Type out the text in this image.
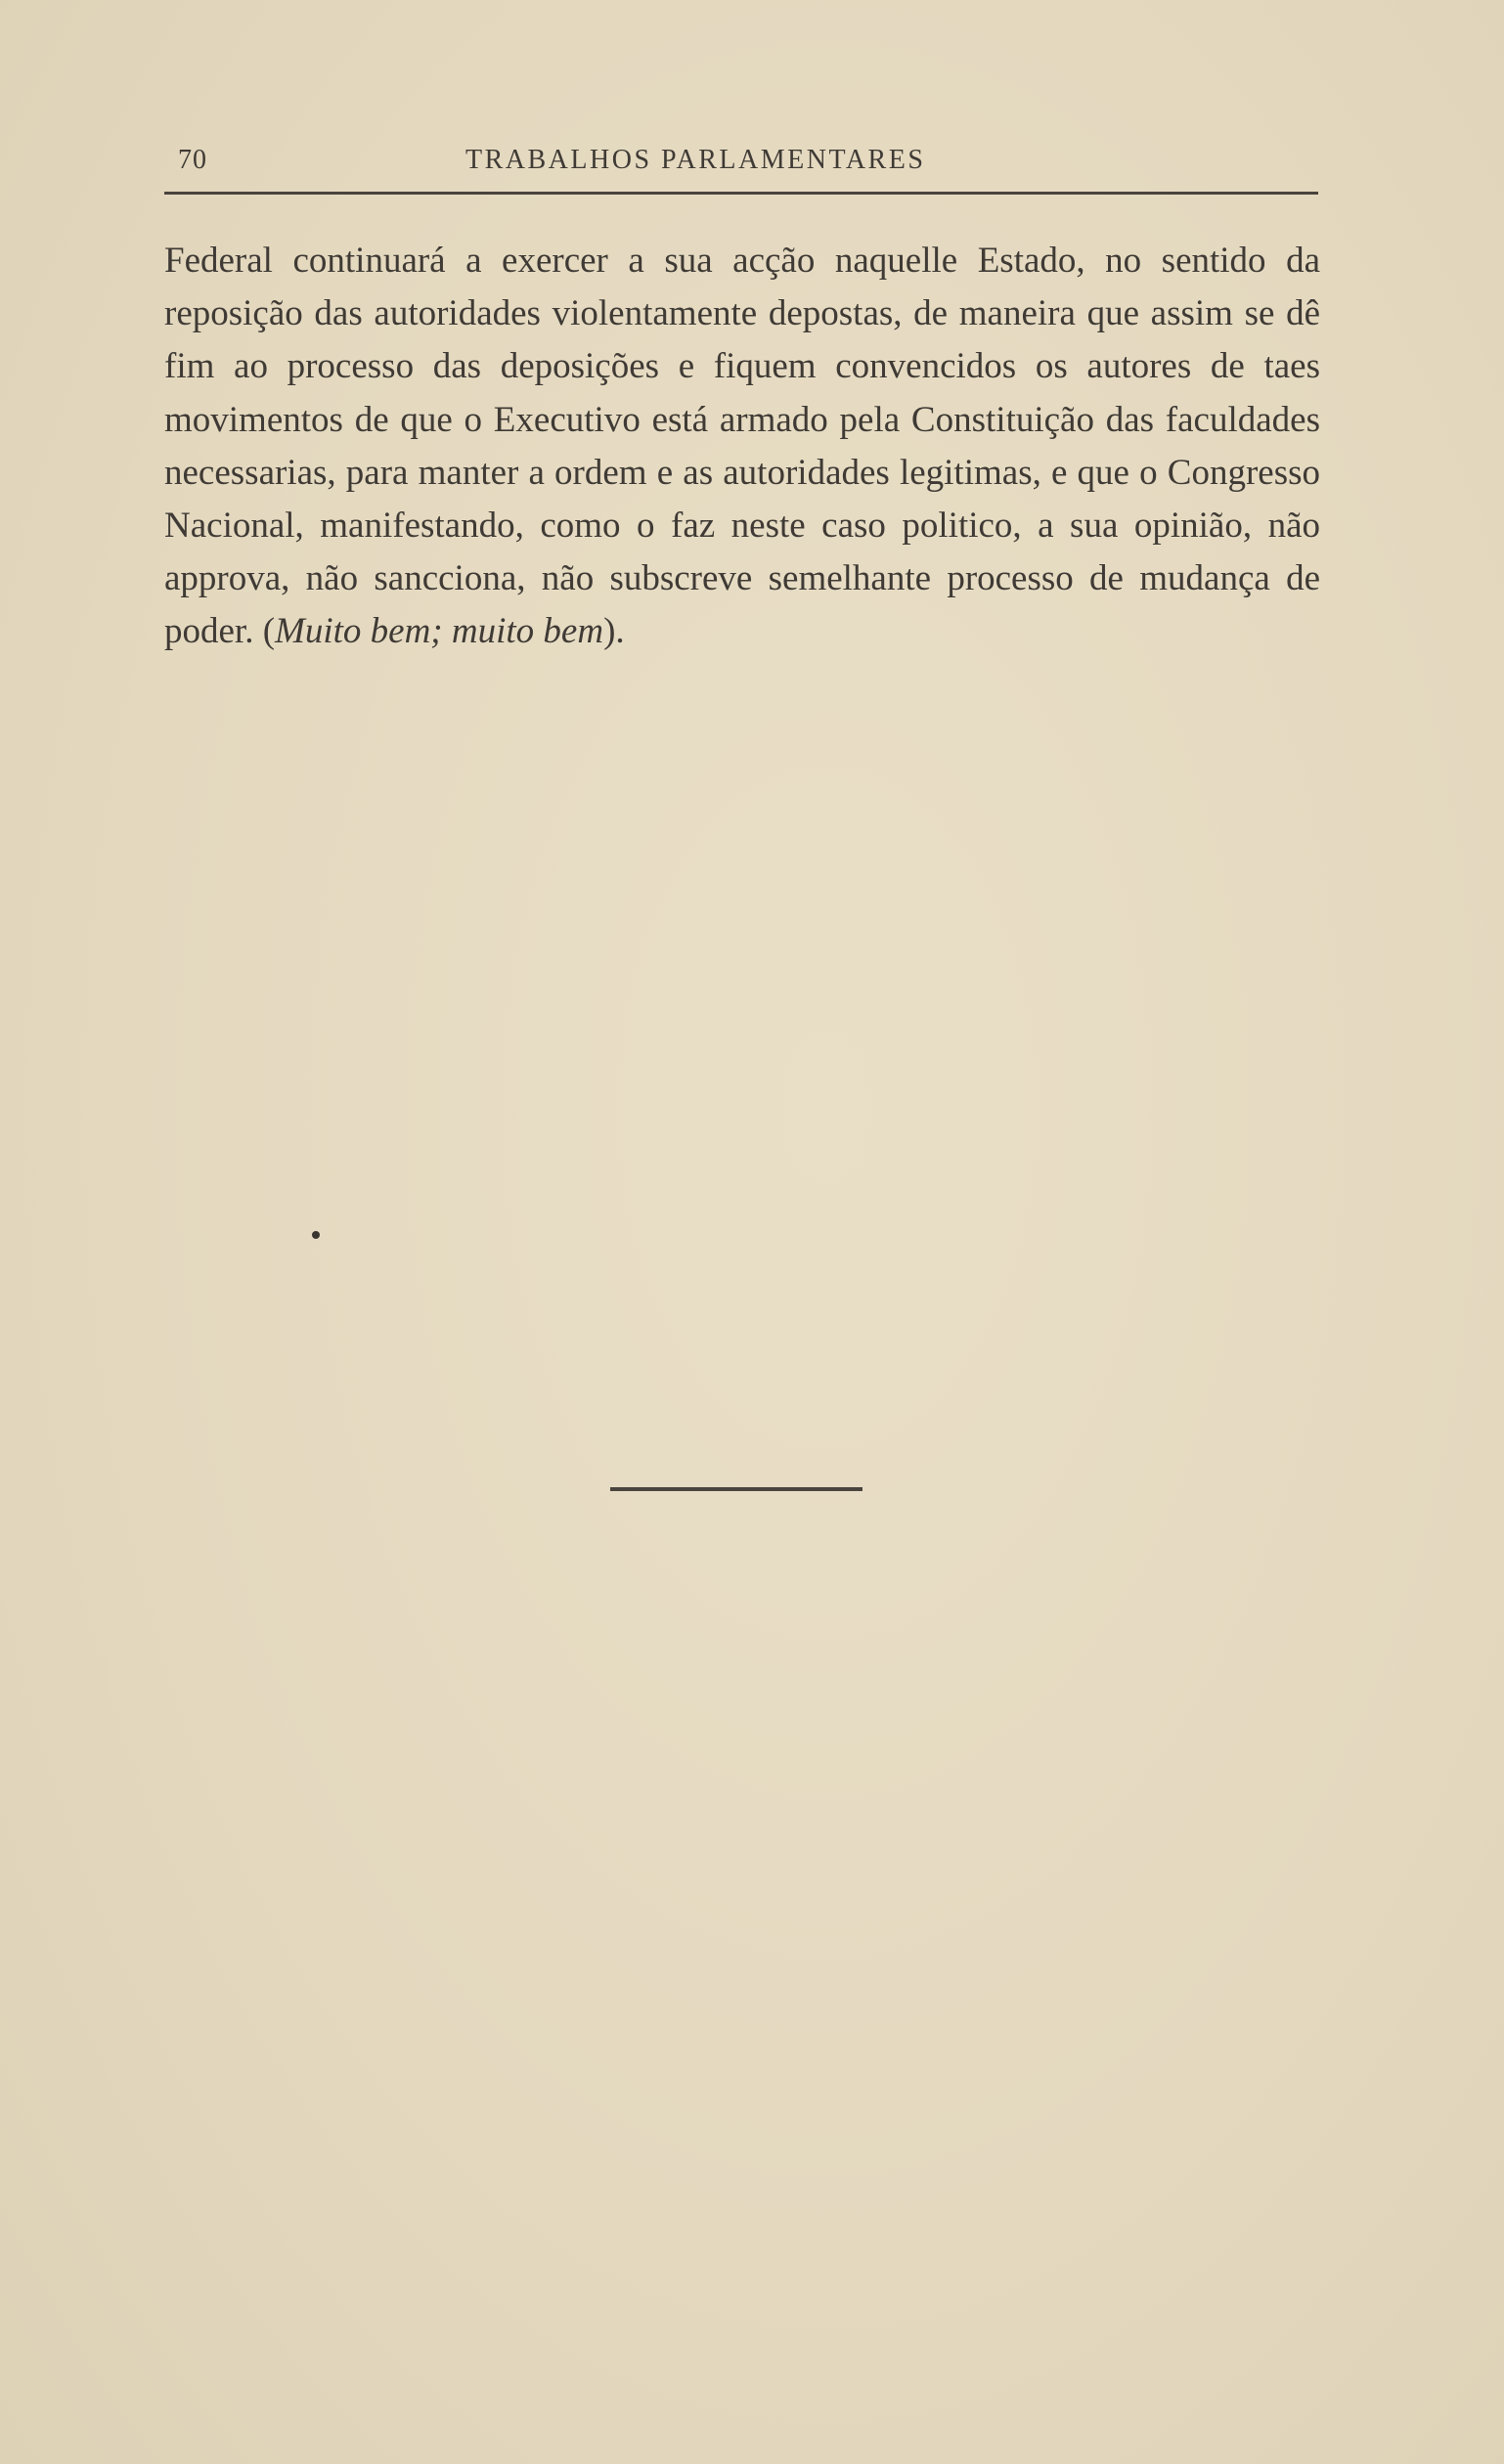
70	TRABALHOS PARLAMENTARES

Federal continuará a exercer a sua acção naquelle Estado, no sentido da reposição das autoridades violentamente depostas, de maneira que assim se dê fim ao processo das deposições e fiquem convencidos os autores de taes movimentos de que o Executivo está armado pela Constituição das faculdades necessarias, para manter a ordem e as autoridades legitimas, e que o Congresso Nacional, manifestando, como o faz neste caso politico, a sua opinião, não approva, não sancciona, não subscreve semelhante processo de mudança de poder. (Muito bem; muito bem).
